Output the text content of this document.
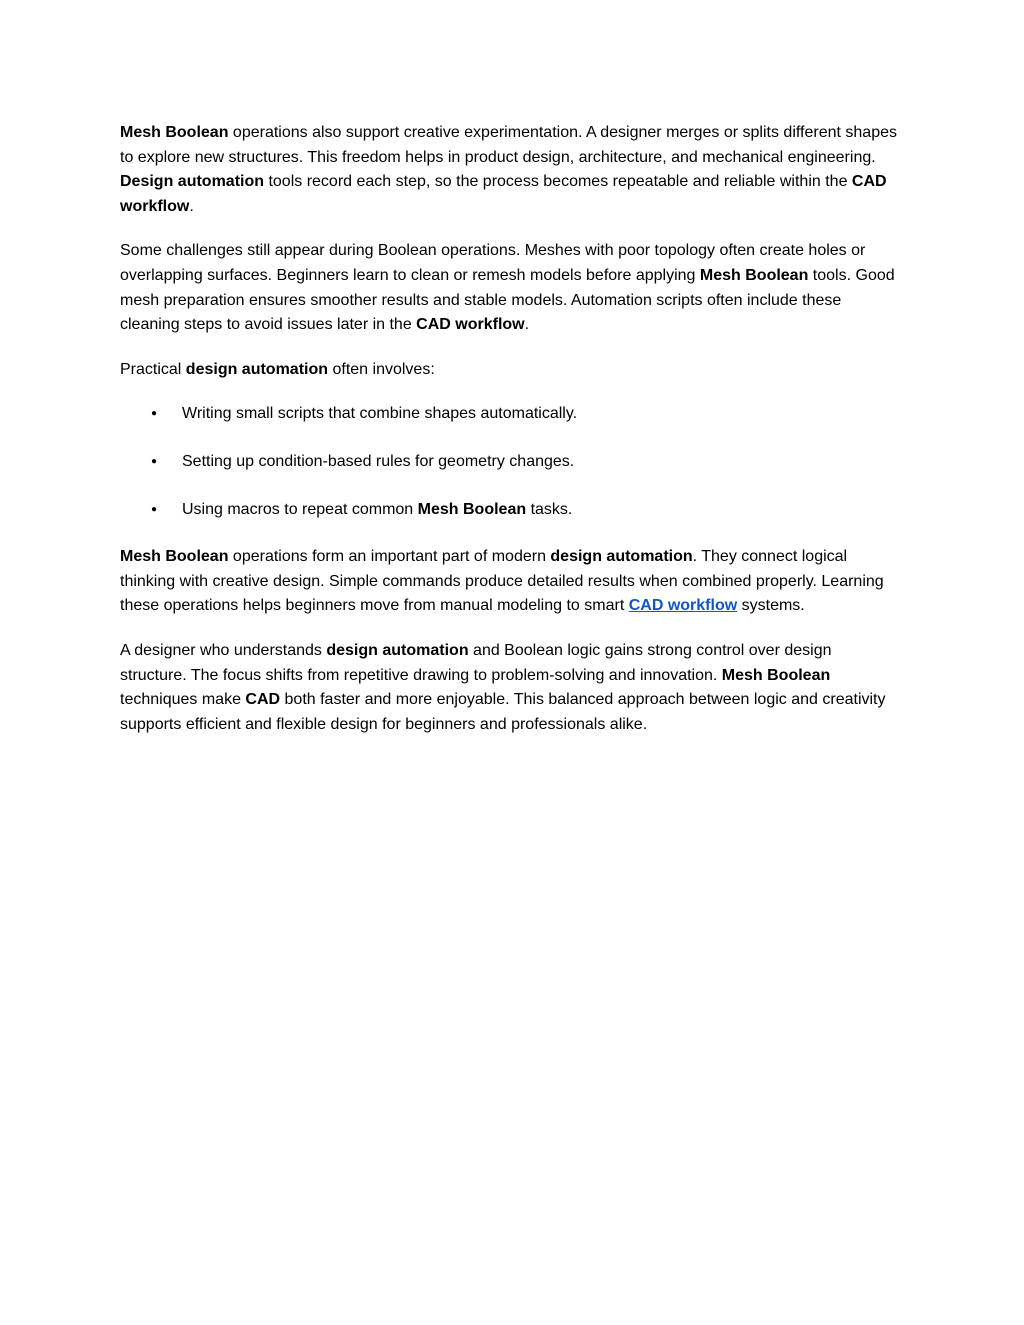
Mesh Boolean operations also support creative experimentation. A designer merges or splits different shapes to explore new structures. This freedom helps in product design, architecture, and mechanical engineering. Design automation tools record each step, so the process becomes repeatable and reliable within the CAD workflow.

Some challenges still appear during Boolean operations. Meshes with poor topology often create holes or overlapping surfaces. Beginners learn to clean or remesh models before applying Mesh Boolean tools. Good mesh preparation ensures smoother results and stable models. Automation scripts often include these cleaning steps to avoid issues later in the CAD workflow.

Practical design automation often involves:

● Writing small scripts that combine shapes automatically.
● Setting up condition-based rules for geometry changes.
● Using macros to repeat common Mesh Boolean tasks.

Mesh Boolean operations form an important part of modern design automation. They connect logical thinking with creative design. Simple commands produce detailed results when combined properly. Learning these operations helps beginners move from manual modeling to smart CAD workflow systems.

A designer who understands design automation and Boolean logic gains strong control over design structure. The focus shifts from repetitive drawing to problem-solving and innovation. Mesh Boolean techniques make CAD both faster and more enjoyable. This balanced approach between logic and creativity supports efficient and flexible design for beginners and professionals alike.
